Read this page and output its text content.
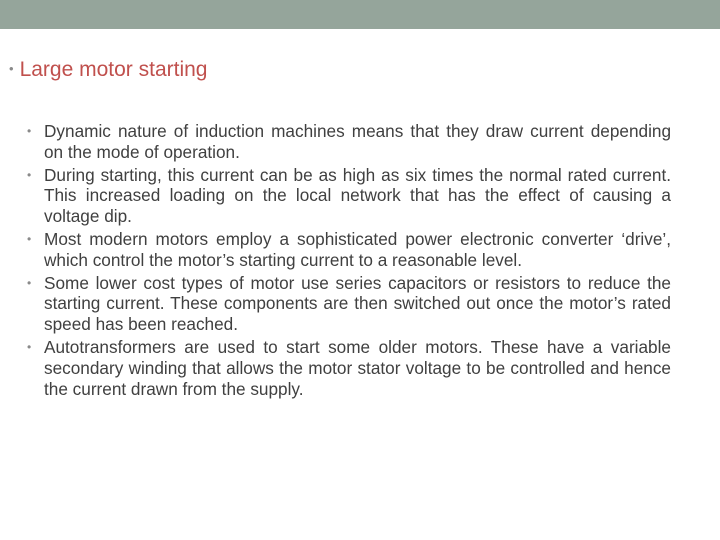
• Large motor starting
• Dynamic nature of induction machines means that they draw current depending on the mode of operation.
• During starting, this current can be as high as six times the normal rated current. This increased loading on the local network that has the effect of causing a voltage dip.
• Most modern motors employ a sophisticated power electronic converter ‘drive’, which control the motor’s starting current to a reasonable level.
• Some lower cost types of motor use series capacitors or resistors to reduce the starting current. These components are then switched out once the motor’s rated speed has been reached.
• Autotransformers are used to start some older motors. These have a variable secondary winding that allows the motor stator voltage to be controlled and hence the current drawn from the supply.
